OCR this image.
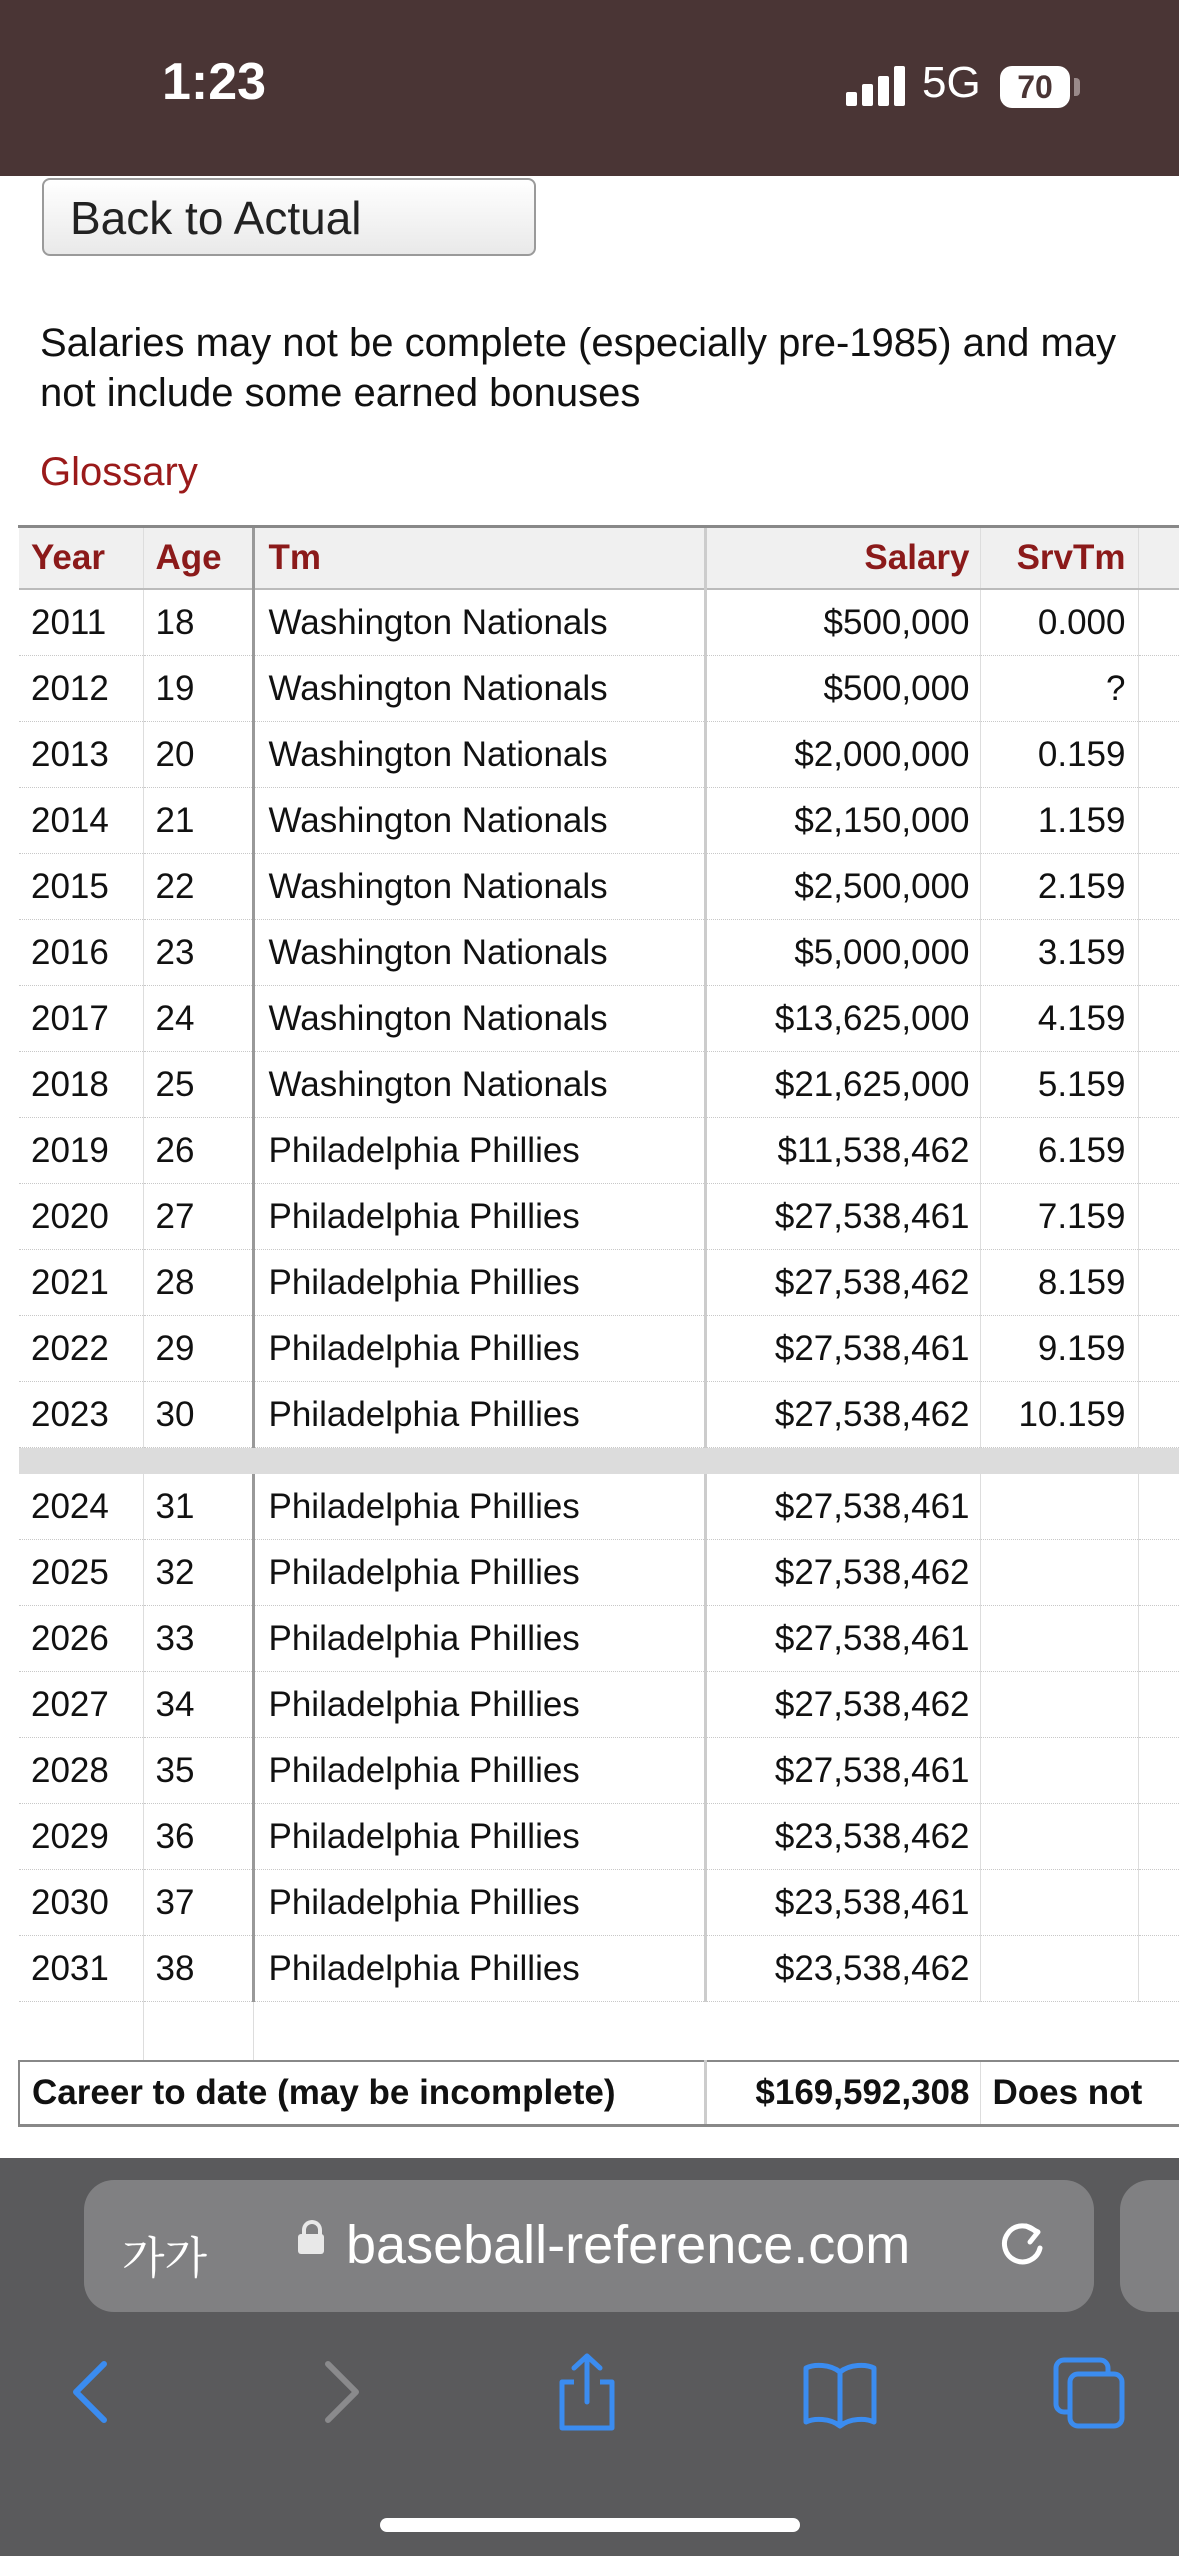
1:23	5G	70
Back to Actual
Salaries may not be complete (especially pre-1985) and may not include some earned bonuses
Glossary
Year	Age	Tm	Salary	SrvTm	
2011	18	Washington Nationals	$500,000	0.000	
2012	19	Washington Nationals	$500,000	?	
2013	20	Washington Nationals	$2,000,000	0.159	
2014	21	Washington Nationals	$2,150,000	1.159	
2015	22	Washington Nationals	$2,500,000	2.159	
2016	23	Washington Nationals	$5,000,000	3.159	
2017	24	Washington Nationals	$13,625,000	4.159	
2018	25	Washington Nationals	$21,625,000	5.159	
2019	26	Philadelphia Phillies	$11,538,462	6.159	
2020	27	Philadelphia Phillies	$27,538,461	7.159	
2021	28	Philadelphia Phillies	$27,538,462	8.159	
2022	29	Philadelphia Phillies	$27,538,461	9.159	
2023	30	Philadelphia Phillies	$27,538,462	10.159	

2024	31	Philadelphia Phillies	$27,538,461		
2025	32	Philadelphia Phillies	$27,538,462		
2026	33	Philadelphia Phillies	$27,538,461		
2027	34	Philadelphia Phillies	$27,538,462		
2028	35	Philadelphia Phillies	$27,538,461		
2029	36	Philadelphia Phillies	$23,538,462		
2030	37	Philadelphia Phillies	$23,538,461		
2031	38	Philadelphia Phillies	$23,538,462		

Career to date (may be incomplete)			$169,592,308	Does not	
가가	baseball-reference.com
